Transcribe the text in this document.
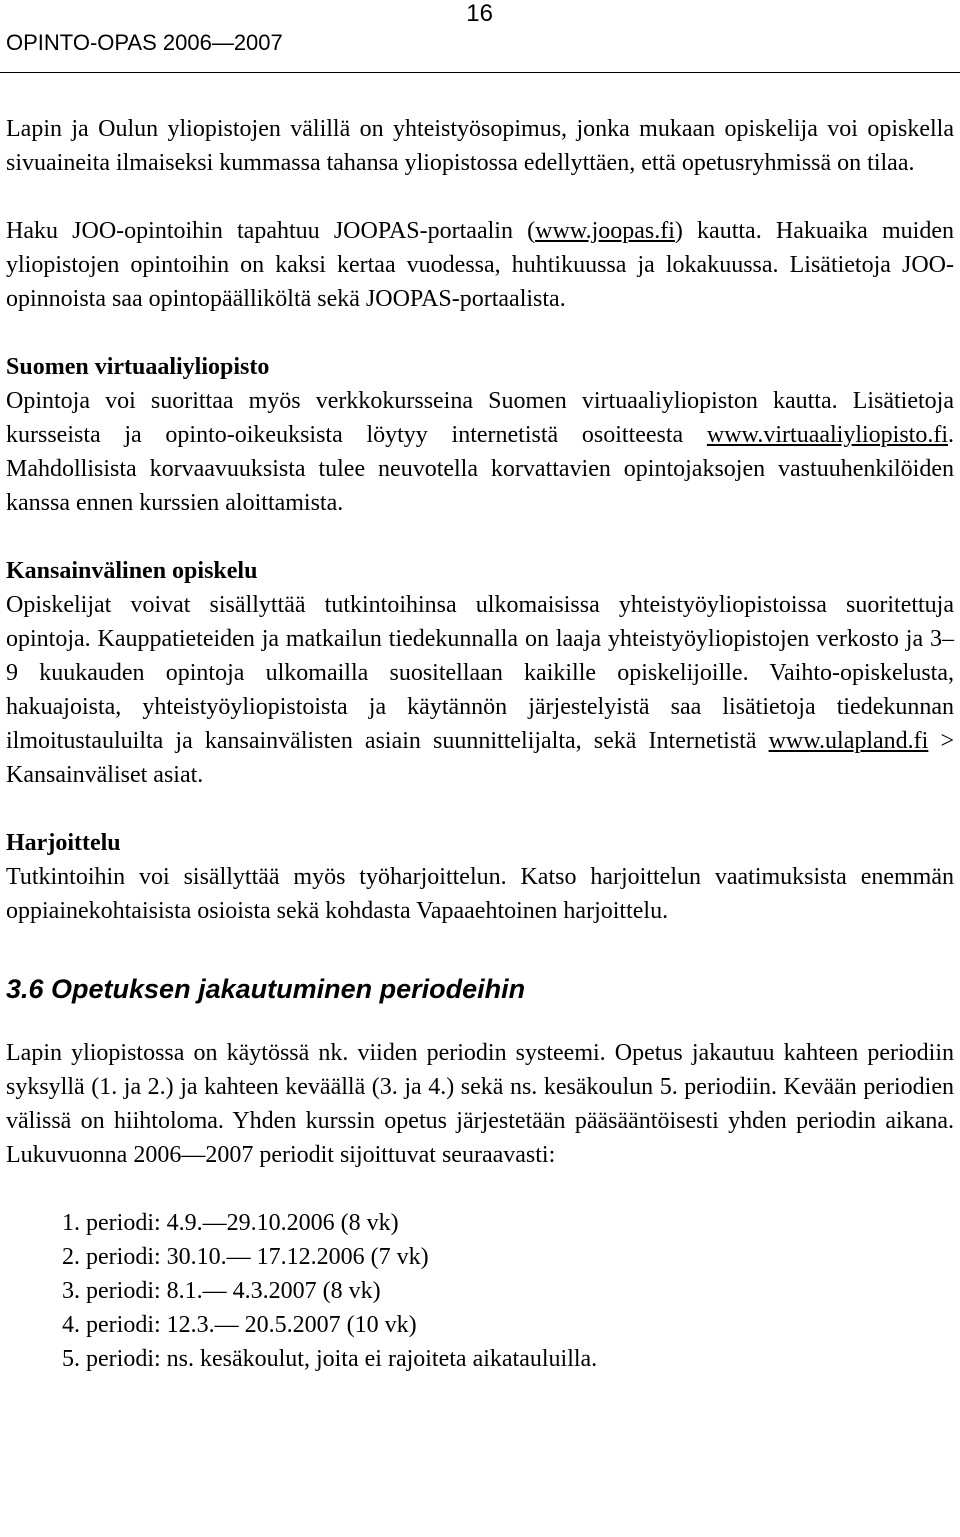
OPINTO-OPAS 2006—2007
16

Lapin ja Oulun yliopistojen välillä on yhteistyösopimus, jonka mukaan opiskelija voi opiskella sivuaineita ilmaiseksi kummassa tahansa yliopistossa edellyttäen, että opetusryhmissä on tilaa.

Haku JOO-opintoihin tapahtuu JOOPAS-portaalin (www.joopas.fi) kautta. Hakuaika muiden yliopistojen opintoihin on kaksi kertaa vuodessa, huhtikuussa ja lokakuussa. Lisätietoja JOO-opinnoista saa opintopäälliköltä sekä JOOPAS-portaalista.

Suomen virtuaaliyliopisto

Opintoja voi suorittaa myös verkkokursseina Suomen virtuaaliyliopiston kautta. Lisätietoja kursseista ja opinto-oikeuksista löytyy internetistä osoitteesta www.virtuaaliyliopisto.fi. Mahdollisista korvaavuuksista tulee neuvotella korvattavien opintojaksojen vastuuhenkilöiden kanssa ennen kurssien aloittamista.

Kansainvälinen opiskelu

Opiskelijat voivat sisällyttää tutkintoihinsa ulkomaisissa yhteistyöyliopistoissa suoritettuja opintoja. Kauppatieteiden ja matkailun tiedekunnalla on laaja yhteistyöyliopistojen verkosto ja 3–9 kuukauden opintoja ulkomailla suositellaan kaikille opiskelijoille. Vaihto-opiskelusta, hakuajoista, yhteistyöyliopistoista ja käytännön järjestelyistä saa lisätietoja tiedekunnan ilmoitustauluilta ja kansainvälisten asiain suunnittelijalta, sekä Internetistä www.ulapland.fi > Kansainväliset asiat.

Harjoittelu

Tutkintoihin voi sisällyttää myös työharjoittelun. Katso harjoittelun vaatimuksista enemmän oppiainekohtaisista osioista sekä kohdasta Vapaaehtoinen harjoittelu.

3.6 Opetuksen jakautuminen periodeihin

Lapin yliopistossa on käytössä nk. viiden periodin systeemi. Opetus jakautuu kahteen periodiin syksyllä (1. ja 2.) ja kahteen keväällä (3. ja 4.) sekä ns. kesäkoulun 5. periodiin. Kevään periodien välissä on hiihtoloma. Yhden kurssin opetus järjestetään pääsääntöisesti yhden periodin aikana. Lukuvuonna 2006—2007 periodit sijoittuvat seuraavasti:

1. periodi: 4.9.—29.10.2006 (8 vk)
2. periodi: 30.10.— 17.12.2006 (7 vk)
3. periodi: 8.1.— 4.3.2007 (8 vk)
4. periodi: 12.3.— 20.5.2007 (10 vk)
5. periodi: ns. kesäkoulut, joita ei rajoiteta aikatauluilla.
